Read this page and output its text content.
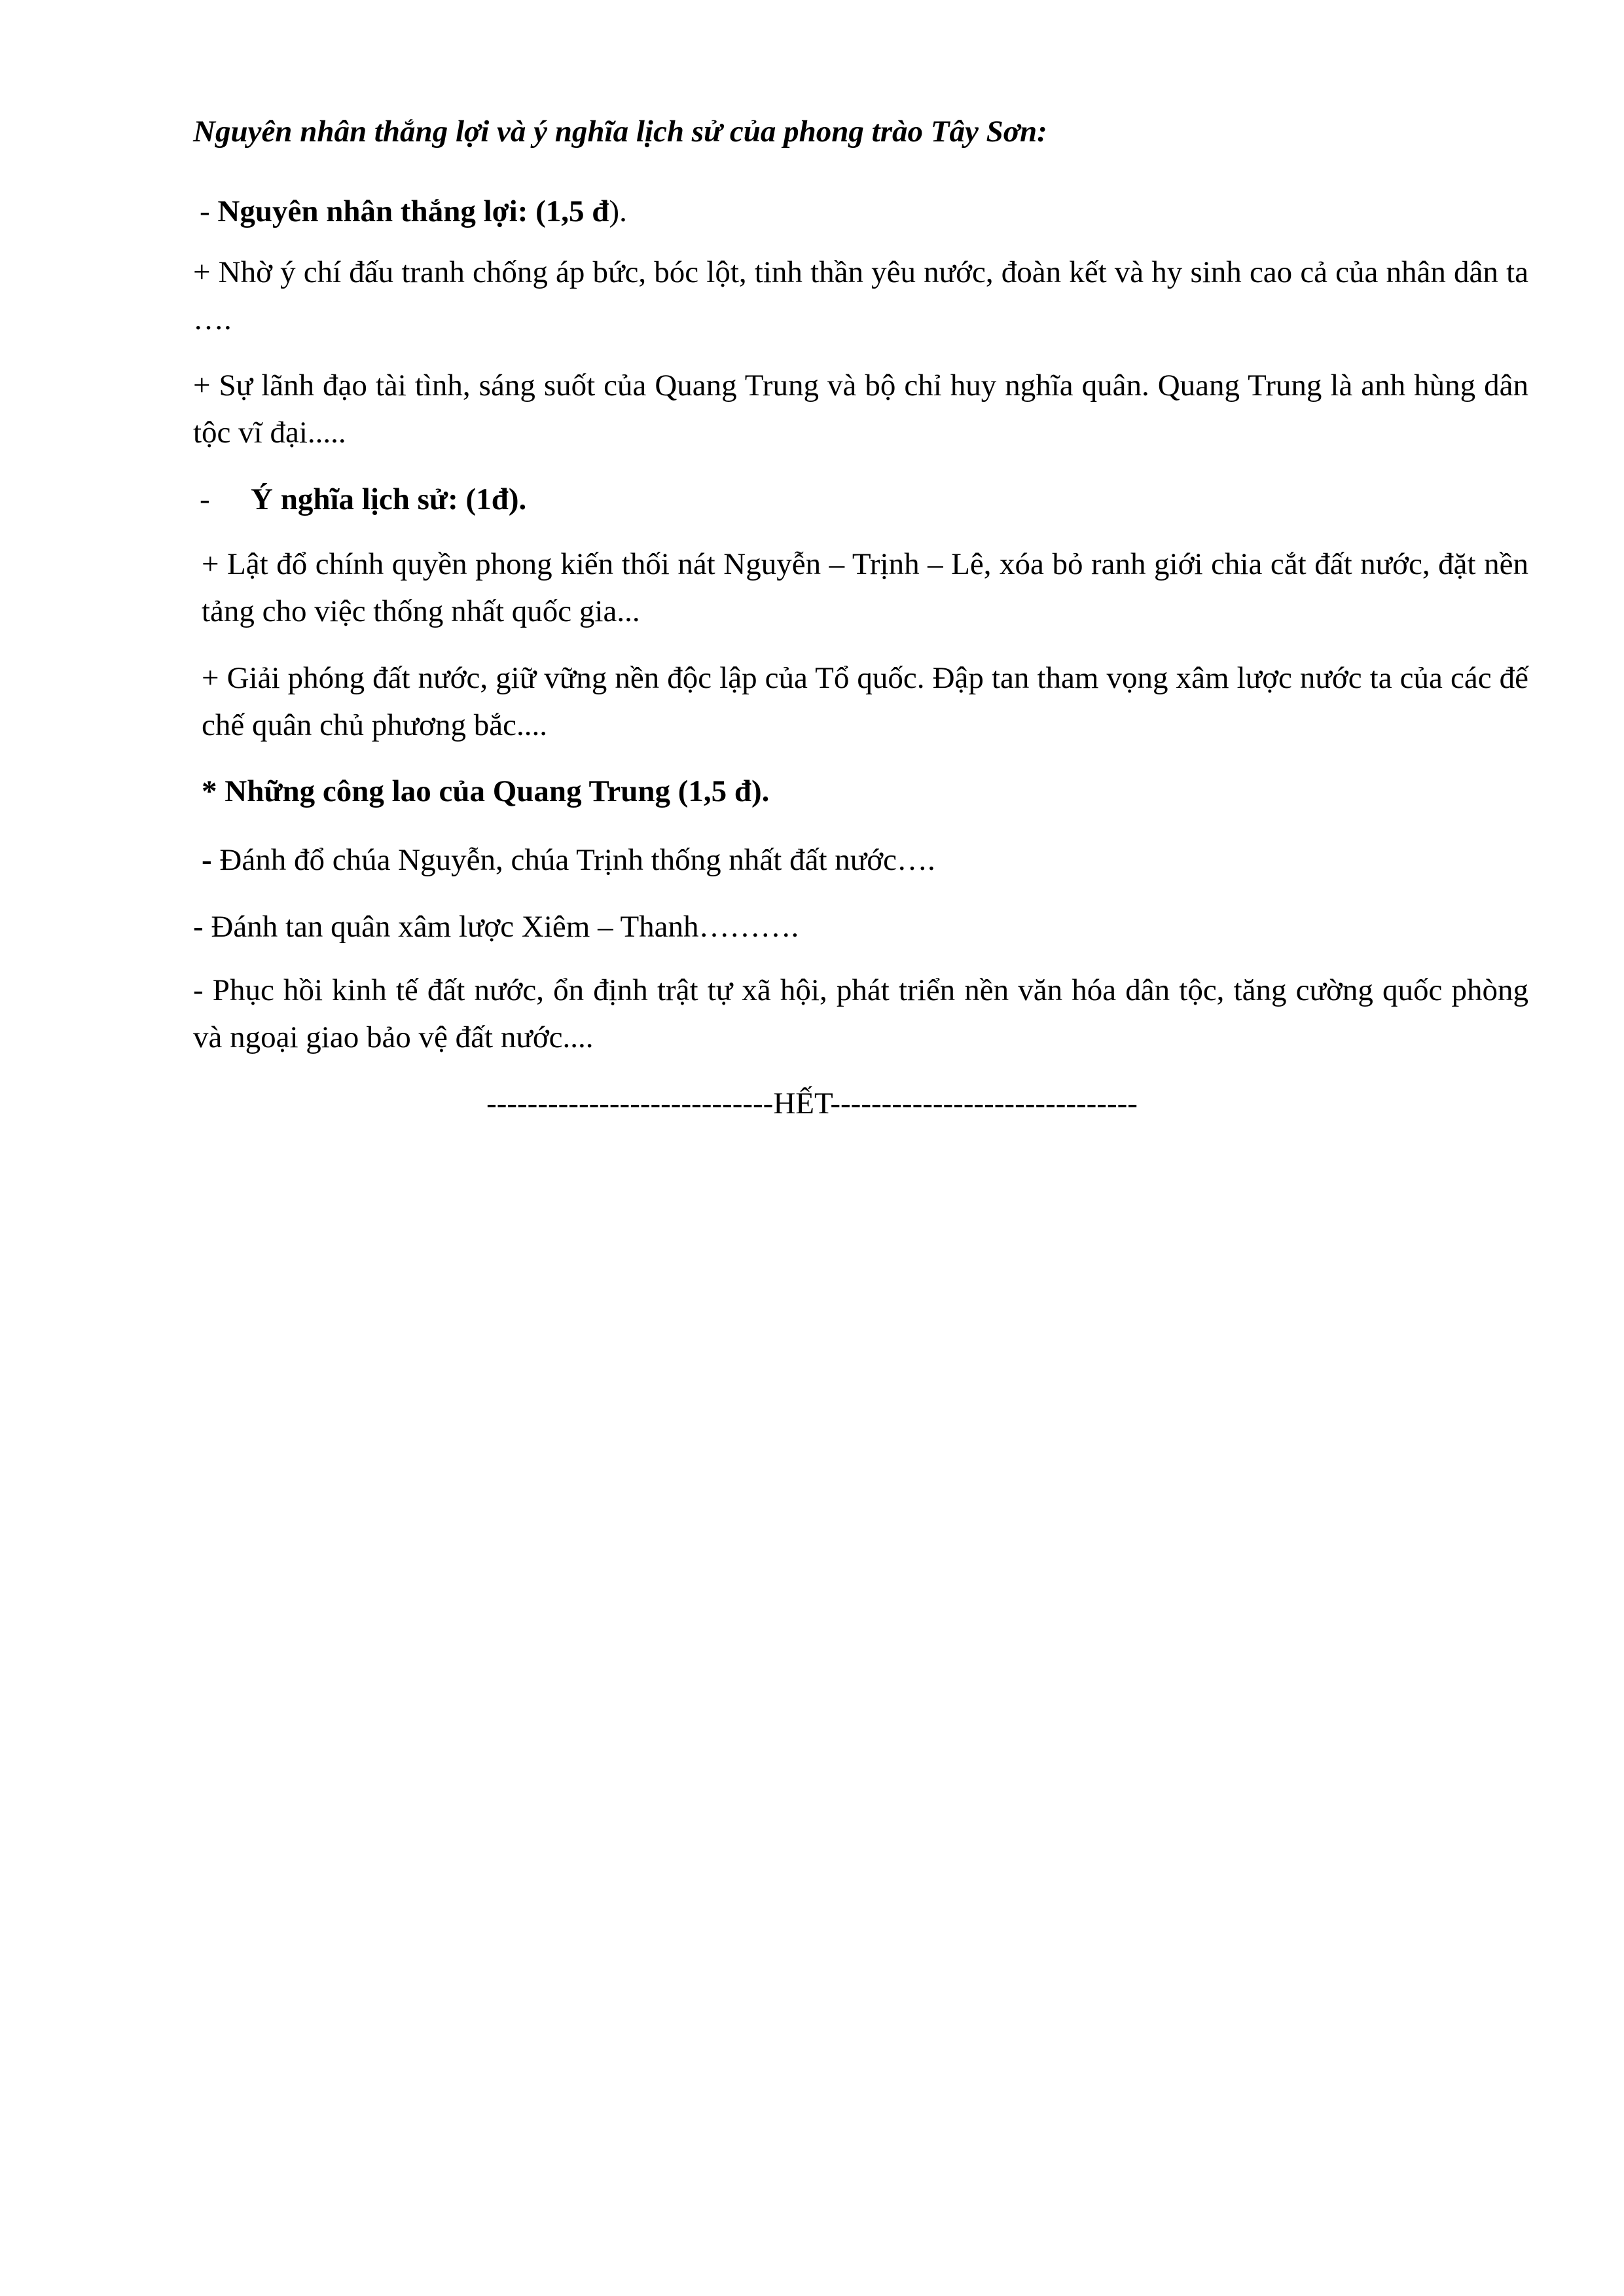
Nguyên nhân thắng lợi và ý nghĩa lịch sử của phong trào Tây Sơn:
- Nguyên nhân thắng lợi: (1,5 đ).
+ Nhờ ý chí đấu tranh chống áp bức, bóc lột, tinh thần yêu nước, đoàn kết và hy sinh cao cả của nhân dân ta ….
+ Sự lãnh đạo tài tình, sáng suốt của Quang Trung và bộ chỉ huy nghĩa quân. Quang Trung là anh hùng dân tộc vĩ đại.....
- Ý nghĩa lịch sử: (1đ).
+ Lật đổ chính quyền phong kiến thối nát Nguyễn – Trịnh – Lê, xóa bỏ ranh giới chia cắt đất nước, đặt nền tảng cho việc thống nhất quốc gia...
+ Giải phóng đất nước, giữ vững nền độc lập của Tổ quốc. Đập tan tham vọng xâm lược nước ta của các đế chế quân chủ phương bắc....
* Những công lao của Quang Trung (1,5 đ).
- Đánh đổ chúa Nguyễn, chúa Trịnh thống nhất đất nước….
- Đánh tan quân xâm lược Xiêm – Thanh……….
- Phục hồi kinh tế đất nước, ổn định trật tự xã hội, phát triển nền văn hóa dân tộc, tăng cường quốc phòng và ngoại giao bảo vệ đất nước....
----------------------------HẾT------------------------------
